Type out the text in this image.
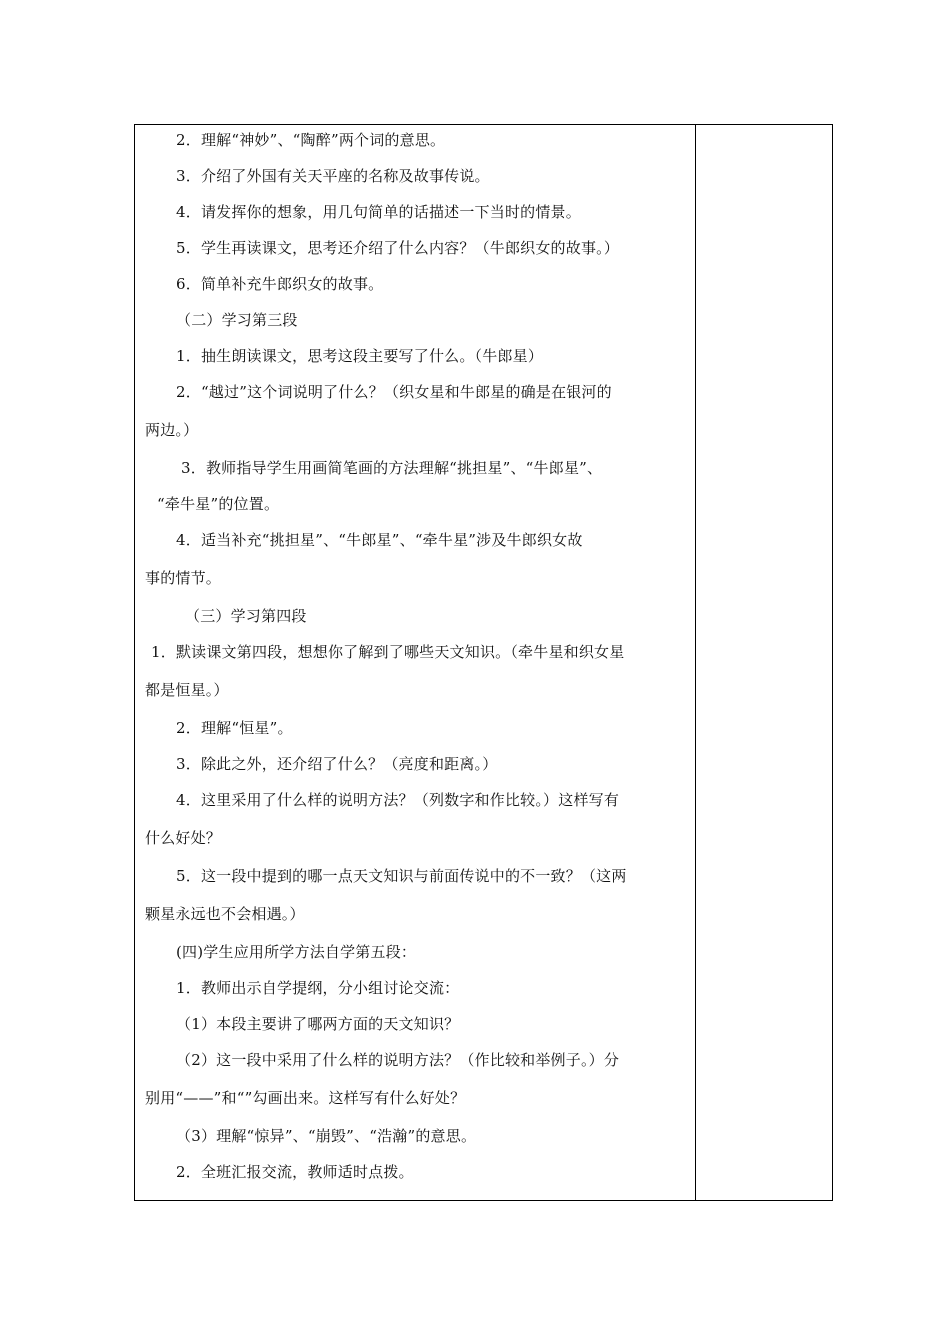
2．理解“神妙”、“陶醉”两个词的意思。
3．介绍了外国有关天平座的名称及故事传说。
4．请发挥你的想象，用几句简单的话描述一下当时的情景。
5．学生再读课文，思考还介绍了什么内容？（牛郎织女的故事。）
6．简单补充牛郎织女的故事。
（二）学习第三段
1．抽生朗读课文，思考这段主要写了什么。（牛郎星）
2．“越过”这个词说明了什么？（织女星和牛郎星的确是在银河的
两边。）
3．教师指导学生用画简笔画的方法理解“挑担星”、“牛郎星”、
“牵牛星”的位置。
4．适当补充“挑担星”、“牛郎星”、“牵牛星”涉及牛郎织女故
事的情节。
（三）学习第四段
1．默读课文第四段，想想你了解到了哪些天文知识。（牵牛星和织女星
都是恒星。）
2．理解“恒星”。
3．除此之外，还介绍了什么？（亮度和距离。）
4．这里采用了什么样的说明方法？（列数字和作比较。）这样写有
什么好处？
5．这一段中提到的哪一点天文知识与前面传说中的不一致？（这两
颗星永远也不会相遇。）
(四)学生应用所学方法自学第五段：
1．教师出示自学提纲，分小组讨论交流：
（1）本段主要讲了哪两方面的天文知识？
（2）这一段中采用了什么样的说明方法？（作比较和举例子。）分
别用“——”和“”勾画出来。这样写有什么好处？
（3）理解“惊异”、“崩毁”、“浩瀚”的意思。
2．全班汇报交流，教师适时点拨。
